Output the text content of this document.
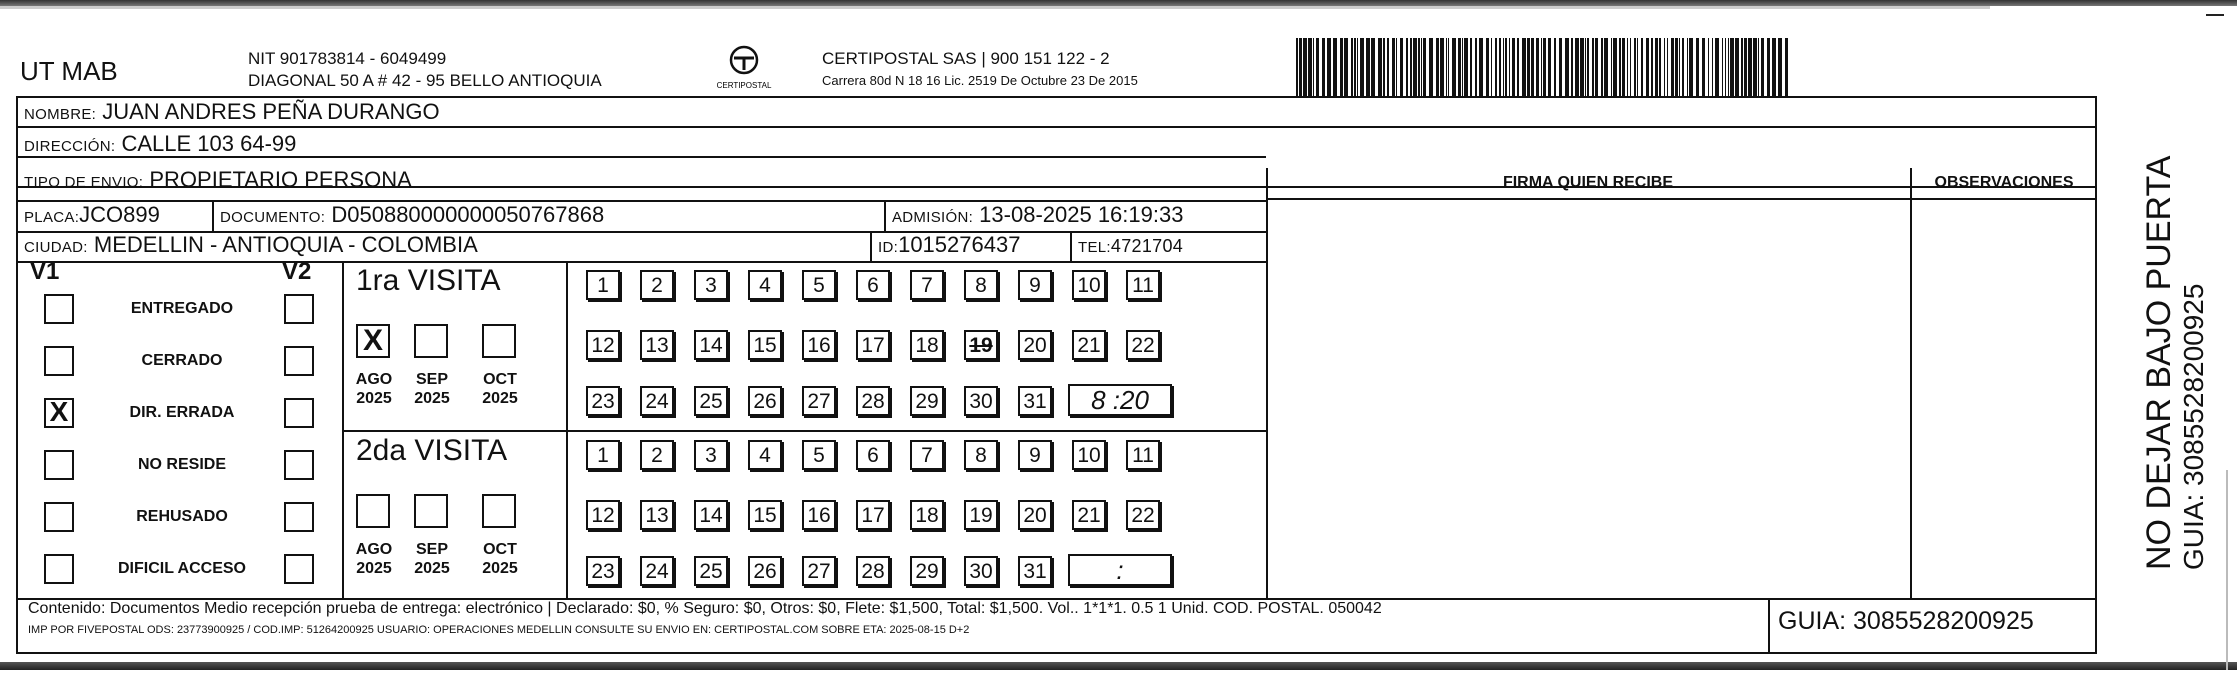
UT MAB	NIT 901783814 - 6049499
DIAGONAL 50 A # 42 - 95 BELLO ANTIOQUIA	CERTIPOSTAL
CERTIPOSTAL SAS | 900 151 122 - 2
Carrera 80d N 18 16 Lic. 2519 De Octubre 23 De 2015
NOMBRE: JUAN ANDRES PEÑA DURANGO
DIRECCIÓN: CALLE 103 64-99
TIPO DE ENVIO: PROPIETARIO PERSONA
PLACA:JCO899	DOCUMENTO: D050880000000050767868	ADMISIÓN: 13-08-2025 16:19:33
CIUDAD: MEDELLIN - ANTIOQUIA - COLOMBIA	ID:1015276437	TEL:4721704
FIRMA QUIEN RECIBE	OBSERVACIONES
V1	V2
ENTREGADO
CERRADO
X	DIR. ERRADA
NO RESIDE
REHUSADO
DIFICIL ACCESO
1ra VISITA
X
AGO
2025
SEP
2025
OCT
2025
1	2	3	4	5	6	7	8	9	10 11
12 13 14 15 16 17 18 19 20 21 22
23 24 25 26 27 28 29 30 31	8 :20
2da VISITA
AGO
2025
SEP
2025
OCT
2025
1	2	3	4	5	6	7	8	9	10 11
12 13 14 15 16 17 18 19 20 21 22
23 24 25 26 27 28 29 30 31	:
Contenido: Documentos Medio recepción prueba de entrega: electrónico | Declarado: $0, % Seguro: $0, Otros: $0, Flete: $1,500, Total: $1,500. Vol.. 1*1*1. 0.5 1 Unid. COD. POSTAL. 050042
IMP POR FIVEPOSTAL ODS: 23773900925 / COD.IMP: 51264200925 USUARIO: OPERACIONES MEDELLIN CONSULTE SU ENVIO EN: CERTIPOSTAL.COM SOBRE ETA: 2025-08-15 D+2	GUIA: 3085528200925
NO DEJAR BAJO PUERTA GUIA: 3085528200925
